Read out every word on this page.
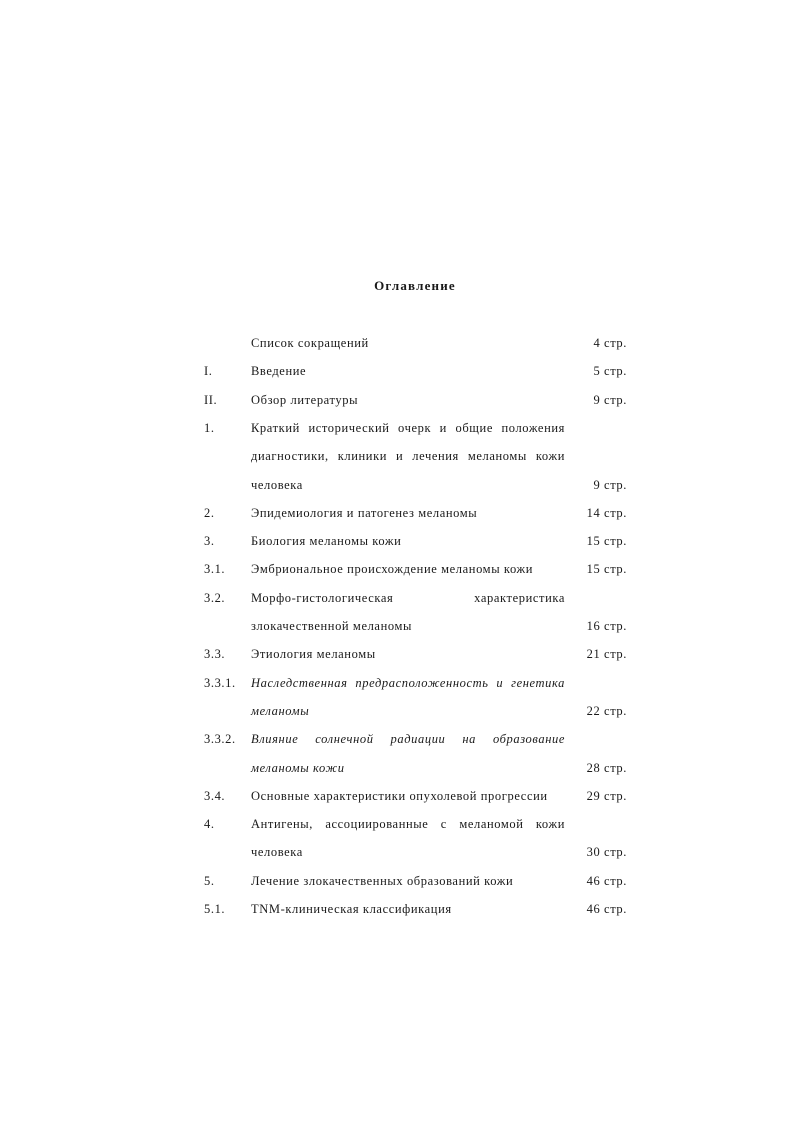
Оглавление
Список сокращений	4 стр.
I.	Введение	5 стр.
II.	Обзор литературы	9 стр.
1.	Краткий исторический очерк и общие положения
диагностики, клиники и лечения меланомы кожи
человека	9 стр.
2.	Эпидемиология и патогенез меланомы	14 стр.
3.	Биология меланомы кожи	15 стр.
3.1. Эмбриональное происхождение меланомы кожи	15 стр.
3.2. Морфо-гистологическая характеристика
злокачественной меланомы	16 стр.
3.3. Этиология меланомы	21 стр.
3.3.1. Наследственная предрасположенность и генетика
меланомы	22 стр.
3.3.2. Влияние солнечной радиации на образование
меланомы кожи	28 стр.
3.4. Основные характеристики опухолевой прогрессии	29 стр.
4.	Антигены, ассоциированные с меланомой кожи
человека	30 стр.
5.	Лечение злокачественных образований кожи	46 стр.
5.1. TNM-клиническая классификация	46 стр.
